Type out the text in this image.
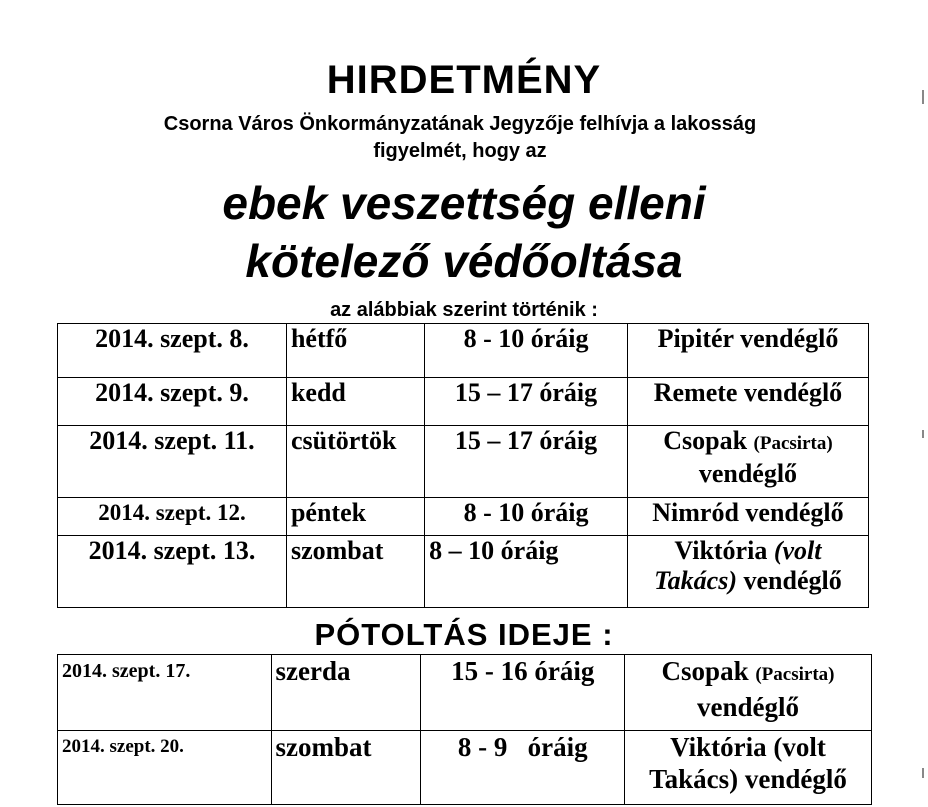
HIRDETMÉNY
Csorna Város Önkormányzatának Jegyzője felhívja a lakosság
figyelmét, hogy az
ebek veszettség elleni
kötelező védőoltása
az alábbiak szerint történik :
2014. szept. 8.	hétfő	8 - 10 óráig	Pipitér vendéglő
2014. szept. 9.	kedd	15 – 17 óráig	Remete vendéglő
2014. szept. 11.	csütörtök	15 – 17 óráig	Csopak (Pacsirta)
vendéglő
2014. szept. 12.	péntek	8 - 10 óráig	Nimród vendéglő
2014. szept. 13.	szombat	8 – 10 óráig	Viktória (volt Takács) vendéglő
PÓTOLTÁS IDEJE :
2014. szept. 17.	szerda	15 - 16 óráig	Csopak (Pacsirta)
vendéglő
2014. szept. 20.	szombat	8 - 9   óráig	Viktória (volt Takács) vendéglő
